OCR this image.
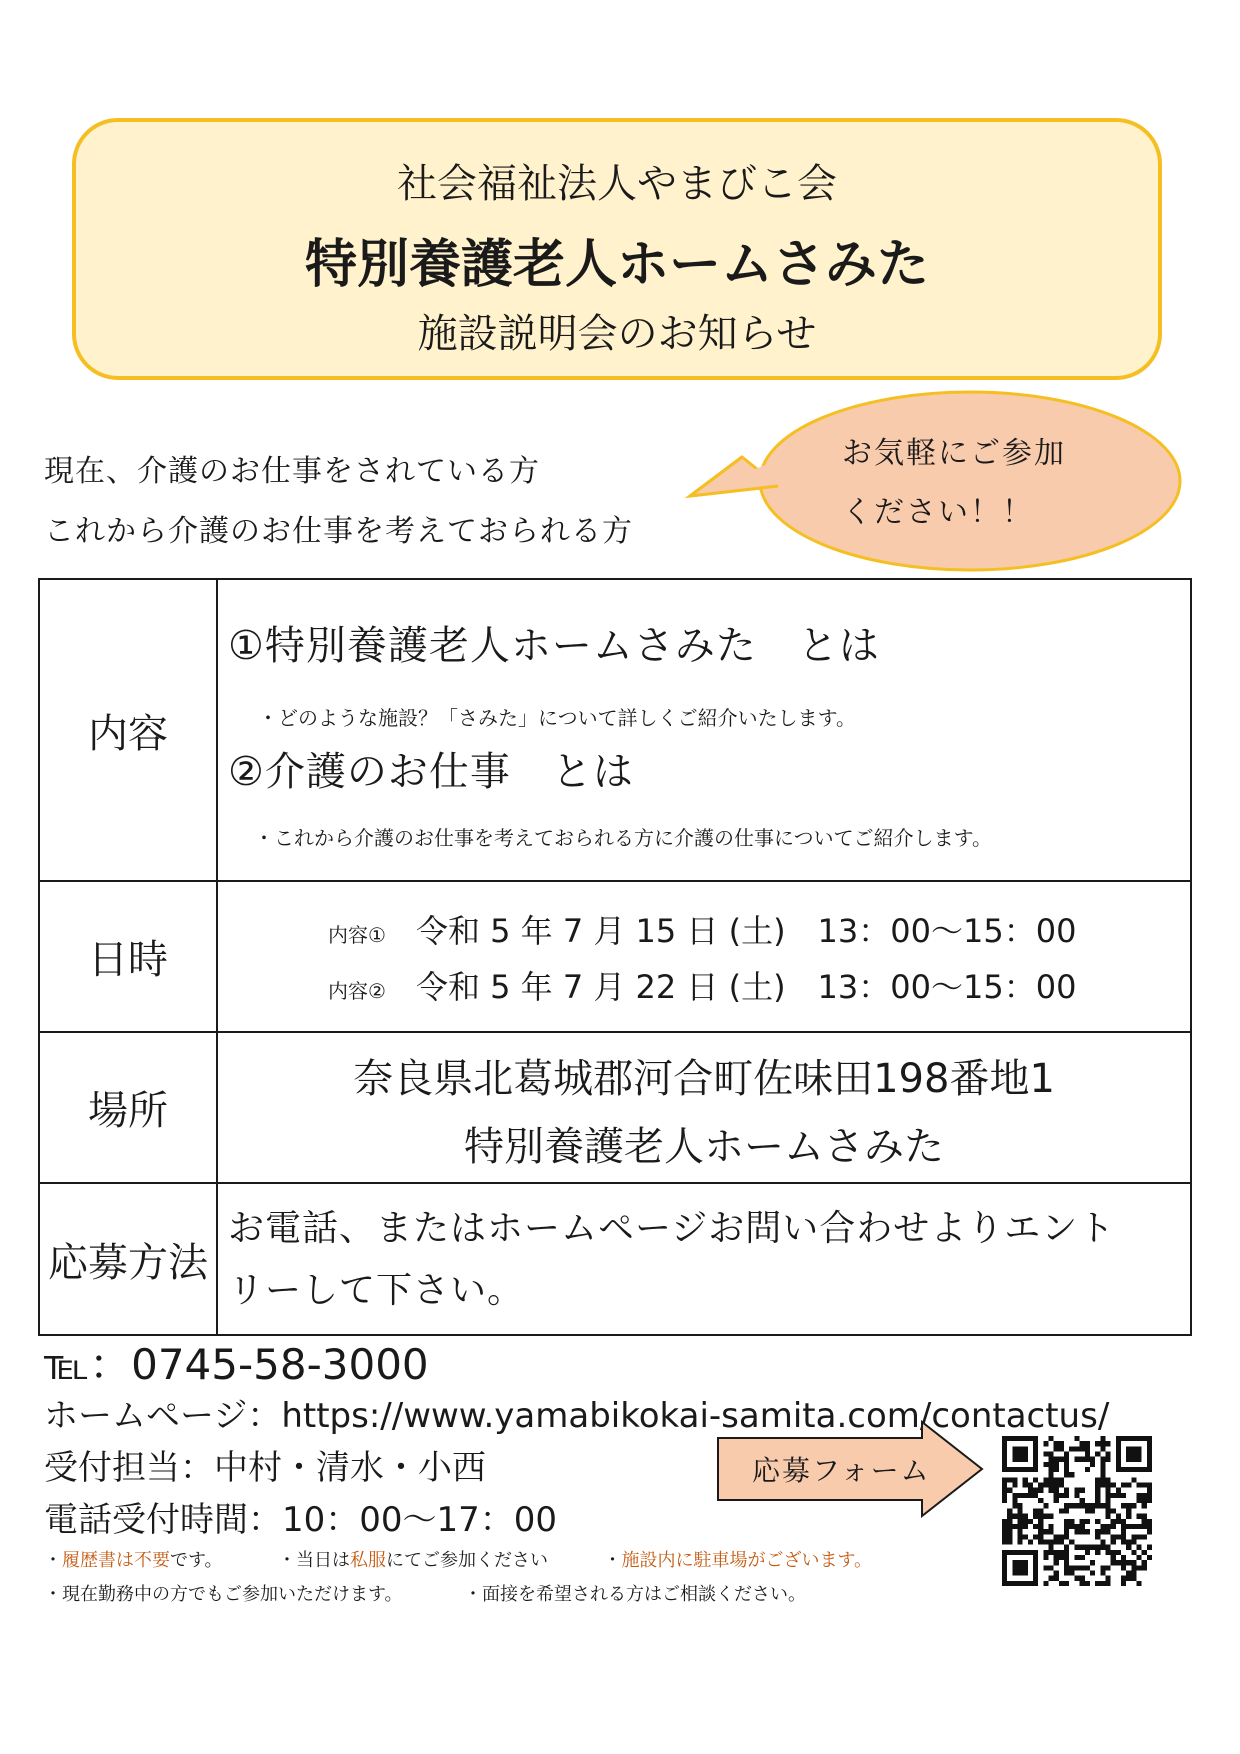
社会福祉法人やまびこ会
特別養護老人ホームさみた
施設説明会のお知らせ
お気軽にご参加
ください！！
現在、介護のお仕事をされている方
これから介護のお仕事を考えておられる方
内容	①特別養護老人ホームさみた　とは
・どのような施設？「さみた」について詳しくご紹介いたします。
②介護のお仕事　とは
・これから介護のお仕事を考えておられる方に介護の仕事についてご紹介します。

日時	内容① 令和 5 年 7 月 15 日 (土)　13：00〜15：00
内容② 令和 5 年 7 月 22 日 (土)　13：00〜15：00

場所	奈良県北葛城郡河合町佐味田198番地1
特別養護老人ホームさみた

応募方法	お電話、またはホームページお問い合わせよりエント
リーして下さい。
℡：0745-58-3000
ホームページ：https://www.yamabikokai-samita.com/contactus/
受付担当：中村・清水・小西
電話受付時間：10：00〜17：00
・履歴書は不要です。	・当日は私服にてご参加ください	・施設内に駐車場がございます。
・現在勤務中の方でもご参加いただけます。	・面接を希望される方はご相談ください。
応募フォーム
